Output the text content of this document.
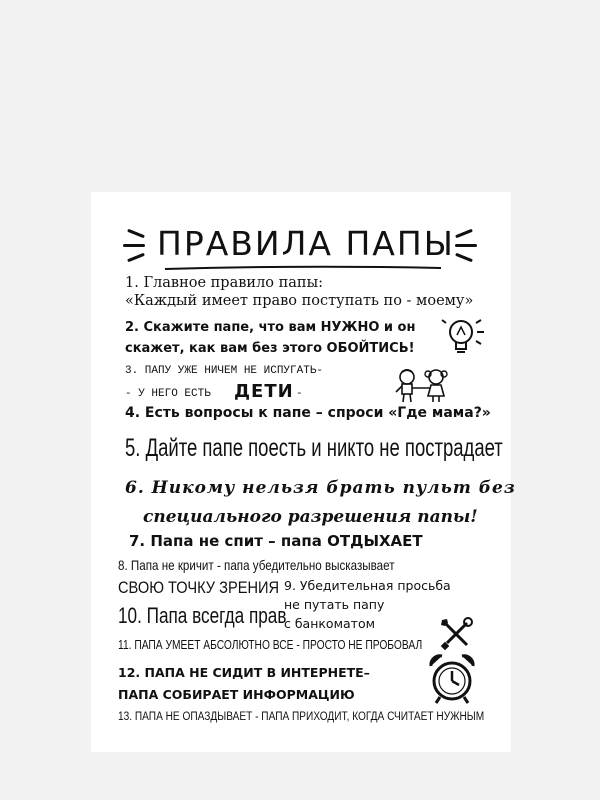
ПРАВИЛА ПАПЫ
1. Главное правило папы:
«Каждый имеет право поступать по - моему»
2. Скажите папе, что вам НУЖНО и он
скажет, как вам без этого ОБОЙТИСЬ!
3. ПАПУ УЖЕ НИЧЕМ НЕ ИСПУГАТЬ-
- У НЕГО ЕСТЬ ДЕТИ -
4. Есть вопросы к папе – спроси «Где мама?»
5. Дайте папе поесть и никто не пострадает
6. Никому нельзя брать пульт без
специального разрешения папы!
7. Папа не спит – папа ОТДЫХАЕТ
8. Папа не кричит - папа убедительно высказывает
СВОЮ ТОЧКУ ЗРЕНИЯ 9. Убедительная просьба
не путать папу
с банкоматом
10. Папа всегда прав
11. ПАПА УМЕЕТ АБСОЛЮТНО ВСЕ - ПРОСТО НЕ ПРОБОВАЛ
12. ПАПА НЕ СИДИТ В ИНТЕРНЕТЕ–
ПАПА СОБИРАЕТ ИНФОРМАЦИЮ
13. ПАПА НЕ ОПАЗДЫВАЕТ - ПАПА ПРИХОДИТ, КОГДА СЧИТАЕТ НУЖНЫМ
